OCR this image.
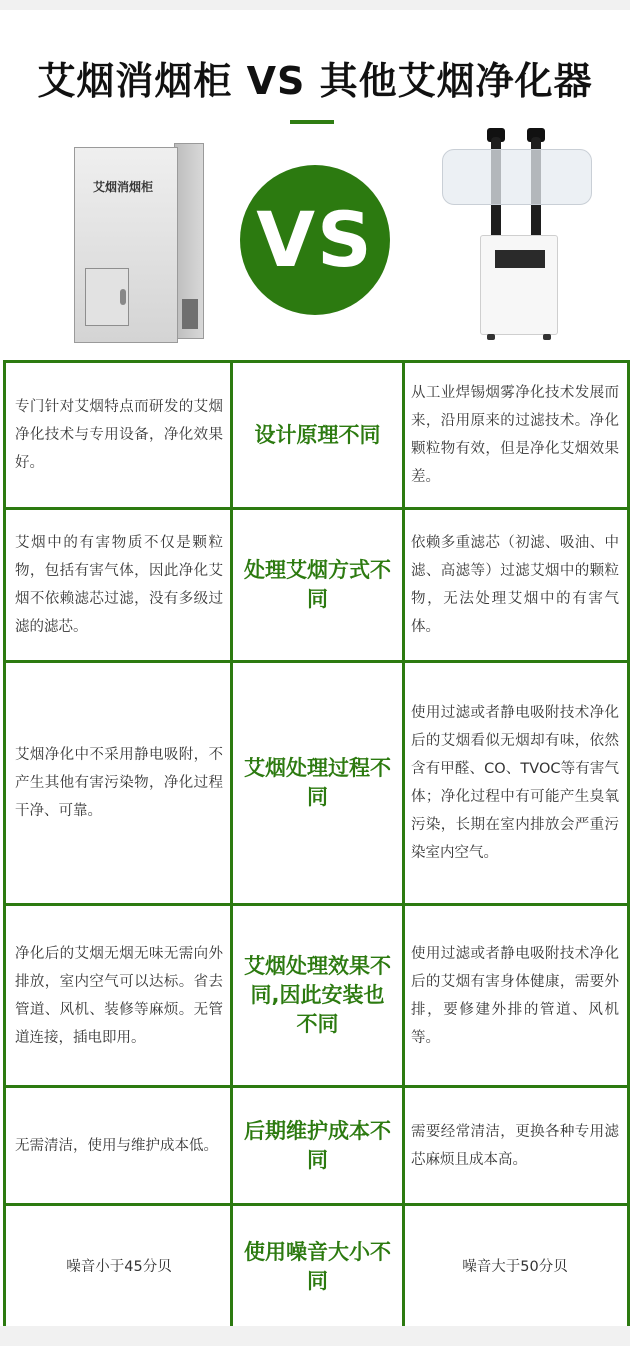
艾烟消烟柜 VS 其他艾烟净化器
艾烟消烟柜
VS
专门针对艾烟特点而研发的艾烟净化技术与专用设备，净化效果好。	设计原理不同	从工业焊锡烟雾净化技术发展而来，沿用原来的过滤技术。净化颗粒物有效，但是净化艾烟效果差。
艾烟中的有害物质不仅是颗粒物，包括有害气体，因此净化艾烟不依赖滤芯过滤，没有多级过滤的滤芯。	处理艾烟方式不同	依赖多重滤芯（初滤、吸油、中滤、高滤等）过滤艾烟中的颗粒物，无法处理艾烟中的有害气体。
艾烟净化中不采用静电吸附，不产生其他有害污染物，净化过程干净、可靠。	艾烟处理过程不同	使用过滤或者静电吸附技术净化后的艾烟看似无烟却有味，依然含有甲醛、CO、TVOC等有害气体；净化过程中有可能产生臭氧污染，长期在室内排放会严重污染室内空气。
净化后的艾烟无烟无味无需向外排放，室内空气可以达标。省去管道、风机、装修等麻烦。无管道连接，插电即用。	艾烟处理效果不同,因此安装也不同	使用过滤或者静电吸附技术净化后的艾烟有害身体健康，需要外排，要修建外排的管道、风机等。
无需清洁，使用与维护成本低。	后期维护成本不同	需要经常清洁，更换各种专用滤芯麻烦且成本高。
噪音小于45分贝	使用噪音大小不同	噪音大于50分贝
